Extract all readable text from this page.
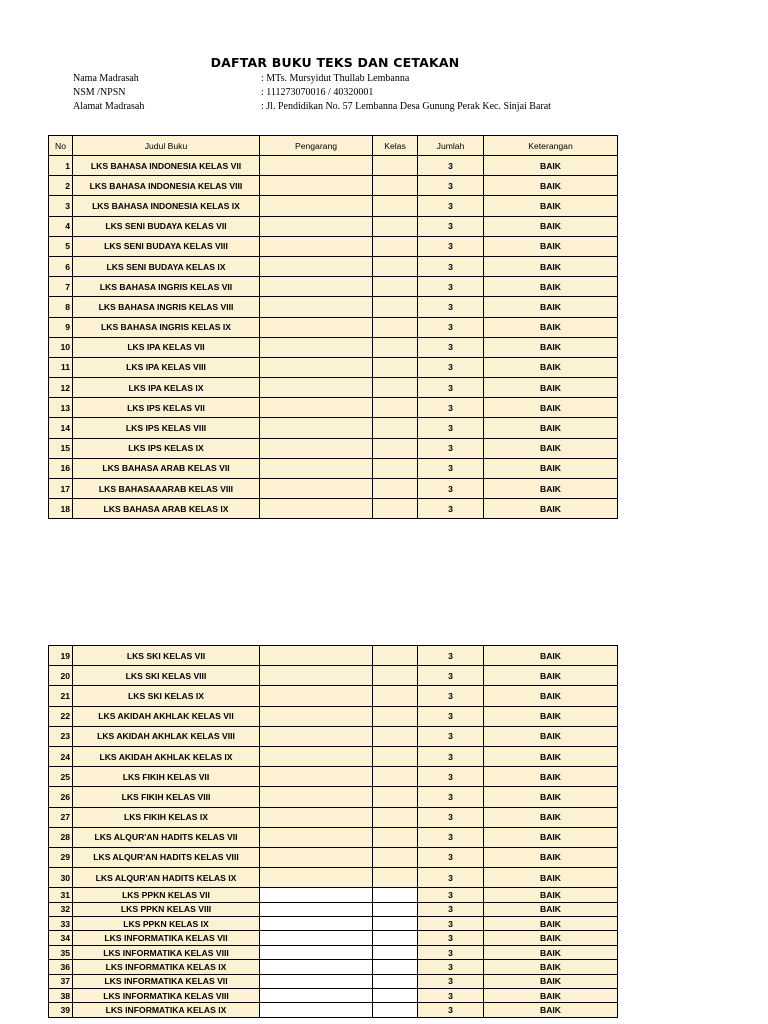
DAFTAR BUKU TEKS DAN CETAKAN
Nama Madrasah	: MTs. Mursyidut Thullab Lembanna
NSM /NPSN	: 111273070016 / 40320001
Alamat Madrasah	: Jl. Pendidikan No. 57 Lembanna Desa Gunung Perak Kec. Sinjai Barat
No	Judul Buku	Pengarang	Kelas	Jumlah	Keterangan
1	LKS BAHASA INDONESIA KELAS VII			3	BAIK
2	LKS BAHASA INDONESIA KELAS VIII			3	BAIK
3	LKS BAHASA INDONESIA KELAS IX			3	BAIK
4	LKS SENI BUDAYA KELAS VII			3	BAIK
5	LKS SENI BUDAYA KELAS VIII			3	BAIK
6	LKS SENI BUDAYA KELAS IX			3	BAIK
7	LKS BAHASA INGRIS KELAS VII			3	BAIK
8	LKS BAHASA INGRIS KELAS VIII			3	BAIK
9	LKS BAHASA INGRIS KELAS IX			3	BAIK
10	LKS IPA KELAS VII			3	BAIK
11	LKS IPA KELAS VIII			3	BAIK
12	LKS IPA KELAS IX			3	BAIK
13	LKS IPS KELAS VII			3	BAIK
14	LKS IPS KELAS VIII			3	BAIK
15	LKS IPS KELAS IX			3	BAIK
16	LKS BAHASA ARAB KELAS VII			3	BAIK
17	LKS BAHASAAARAB KELAS VIII			3	BAIK
18	LKS BAHASA ARAB KELAS IX			3	BAIK
19	LKS SKI KELAS VII			3	BAIK
20	LKS SKI KELAS VIII			3	BAIK
21	LKS SKI KELAS IX			3	BAIK
22	LKS AKIDAH AKHLAK KELAS VII			3	BAIK
23	LKS AKIDAH AKHLAK KELAS VIII			3	BAIK
24	LKS AKIDAH AKHLAK KELAS IX			3	BAIK
25	LKS FIKIH KELAS VII			3	BAIK
26	LKS FIKIH KELAS VIII			3	BAIK
27	LKS FIKIH KELAS IX			3	BAIK
28	LKS ALQUR'AN HADITS KELAS VII			3	BAIK
29	LKS ALQUR'AN HADITS KELAS VIII			3	BAIK
30	LKS ALQUR'AN HADITS KELAS IX			3	BAIK
31	LKS PPKN KELAS VII			3	BAIK
32	LKS PPKN KELAS VIII			3	BAIK
33	LKS PPKN KELAS IX			3	BAIK
34	LKS INFORMATIKA KELAS VII			3	BAIK
35	LKS INFORMATIKA KELAS VIII			3	BAIK
36	LKS INFORMATIKA KELAS IX			3	BAIK
37	LKS INFORMATIKA KELAS VII			3	BAIK
38	LKS INFORMATIKA KELAS VIII			3	BAIK
39	LKS INFORMATIKA KELAS IX			3	BAIK
